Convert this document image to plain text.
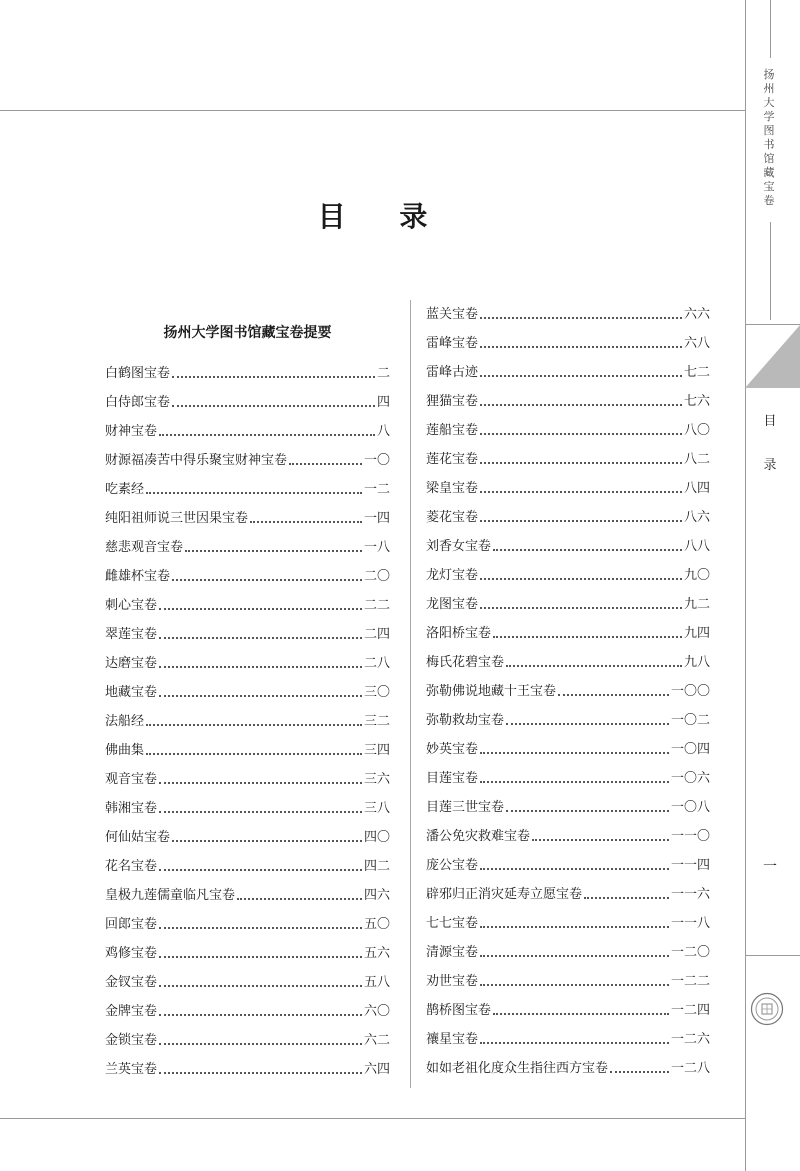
扬州大学图书馆藏宝卷
目录
一
目 录
扬州大学图书馆藏宝卷提要
白鹤图宝卷	二
白侍郎宝卷	四
财神宝卷	八
财源福凑苦中得乐聚宝财神宝卷	一〇
吃素经	一二
纯阳祖师说三世因果宝卷	一四
慈悲观音宝卷	一八
雌雄杯宝卷	二〇
刺心宝卷	二二
翠莲宝卷	二四
达磨宝卷	二八
地藏宝卷	三〇
法船经	三二
佛曲集	三四
观音宝卷	三六
韩湘宝卷	三八
何仙姑宝卷	四〇
花名宝卷	四二
皇极九莲儒童临凡宝卷	四六
回郎宝卷	五〇
鸡修宝卷	五六
金钗宝卷	五八
金牌宝卷	六〇
金锁宝卷	六二
兰英宝卷	六四
蓝关宝卷	六六
雷峰宝卷	六八
雷峰古迹	七二
狸猫宝卷	七六
莲船宝卷	八〇
莲花宝卷	八二
梁皇宝卷	八四
菱花宝卷	八六
刘香女宝卷	八八
龙灯宝卷	九〇
龙图宝卷	九二
洛阳桥宝卷	九四
梅氏花碧宝卷	九八
弥勒佛说地藏十王宝卷	一〇〇
弥勒救劫宝卷	一〇二
妙英宝卷	一〇四
目莲宝卷	一〇六
目莲三世宝卷	一〇八
潘公免灾救难宝卷	一一〇
庞公宝卷	一一四
辟邪归正消灾延寿立愿宝卷	一一六
七七宝卷	一一八
清源宝卷	一二〇
劝世宝卷	一二二
鹊桥图宝卷	一二四
禳星宝卷	一二六
如如老祖化度众生指往西方宝卷	一二八
